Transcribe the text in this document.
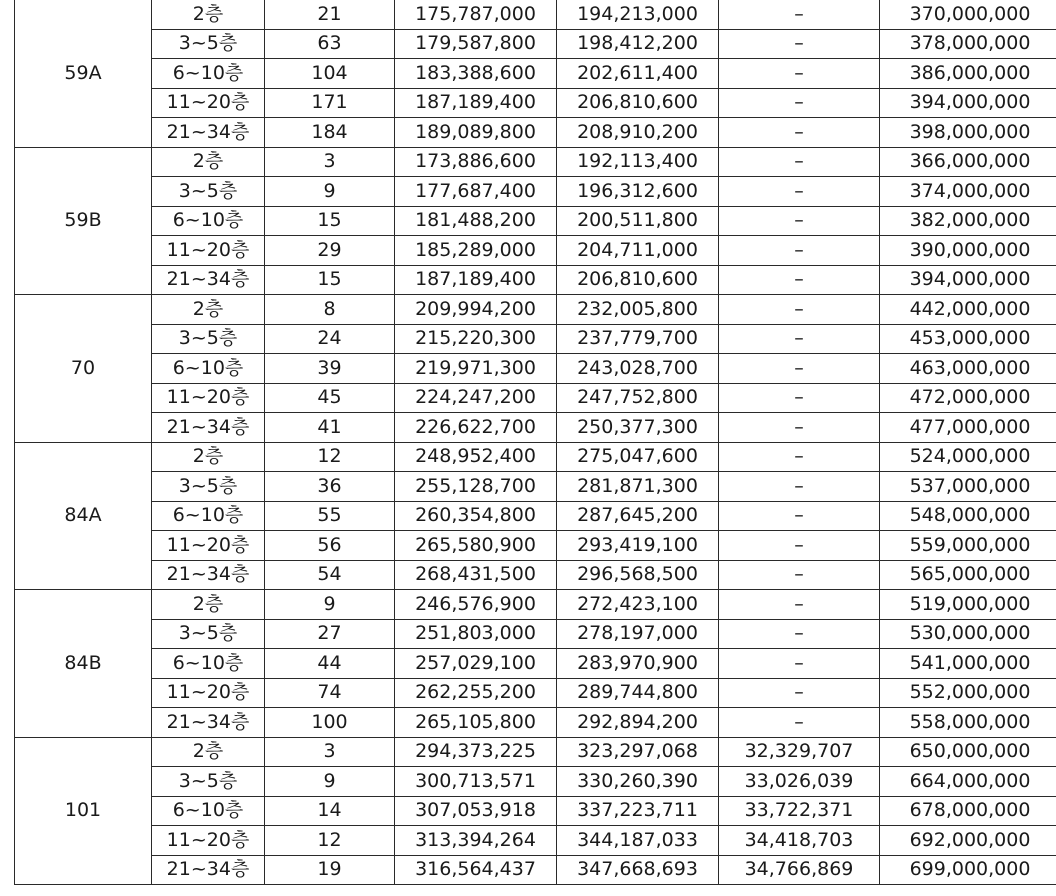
59A	2층	21	175,787,000	194,213,000	–	370,000,000
	3~5층	63	179,587,800	198,412,200	–	378,000,000
	6~10층	104	183,388,600	202,611,400	–	386,000,000
	11~20층	171	187,189,400	206,810,600	–	394,000,000
	21~34층	184	189,089,800	208,910,200	–	398,000,000
59B	2층	3	173,886,600	192,113,400	–	366,000,000
	3~5층	9	177,687,400	196,312,600	–	374,000,000
	6~10층	15	181,488,200	200,511,800	–	382,000,000
	11~20층	29	185,289,000	204,711,000	–	390,000,000
	21~34층	15	187,189,400	206,810,600	–	394,000,000
70	2층	8	209,994,200	232,005,800	–	442,000,000
	3~5층	24	215,220,300	237,779,700	–	453,000,000
	6~10층	39	219,971,300	243,028,700	–	463,000,000
	11~20층	45	224,247,200	247,752,800	–	472,000,000
	21~34층	41	226,622,700	250,377,300	–	477,000,000
84A	2층	12	248,952,400	275,047,600	–	524,000,000
	3~5층	36	255,128,700	281,871,300	–	537,000,000
	6~10층	55	260,354,800	287,645,200	–	548,000,000
	11~20층	56	265,580,900	293,419,100	–	559,000,000
	21~34층	54	268,431,500	296,568,500	–	565,000,000
84B	2층	9	246,576,900	272,423,100	–	519,000,000
	3~5층	27	251,803,000	278,197,000	–	530,000,000
	6~10층	44	257,029,100	283,970,900	–	541,000,000
	11~20층	74	262,255,200	289,744,800	–	552,000,000
	21~34층	100	265,105,800	292,894,200	–	558,000,000
101	2층	3	294,373,225	323,297,068	32,329,707	650,000,000
	3~5층	9	300,713,571	330,260,390	33,026,039	664,000,000
	6~10층	14	307,053,918	337,223,711	33,722,371	678,000,000
	11~20층	12	313,394,264	344,187,033	34,418,703	692,000,000
	21~34층	19	316,564,437	347,668,693	34,766,869	699,000,000
